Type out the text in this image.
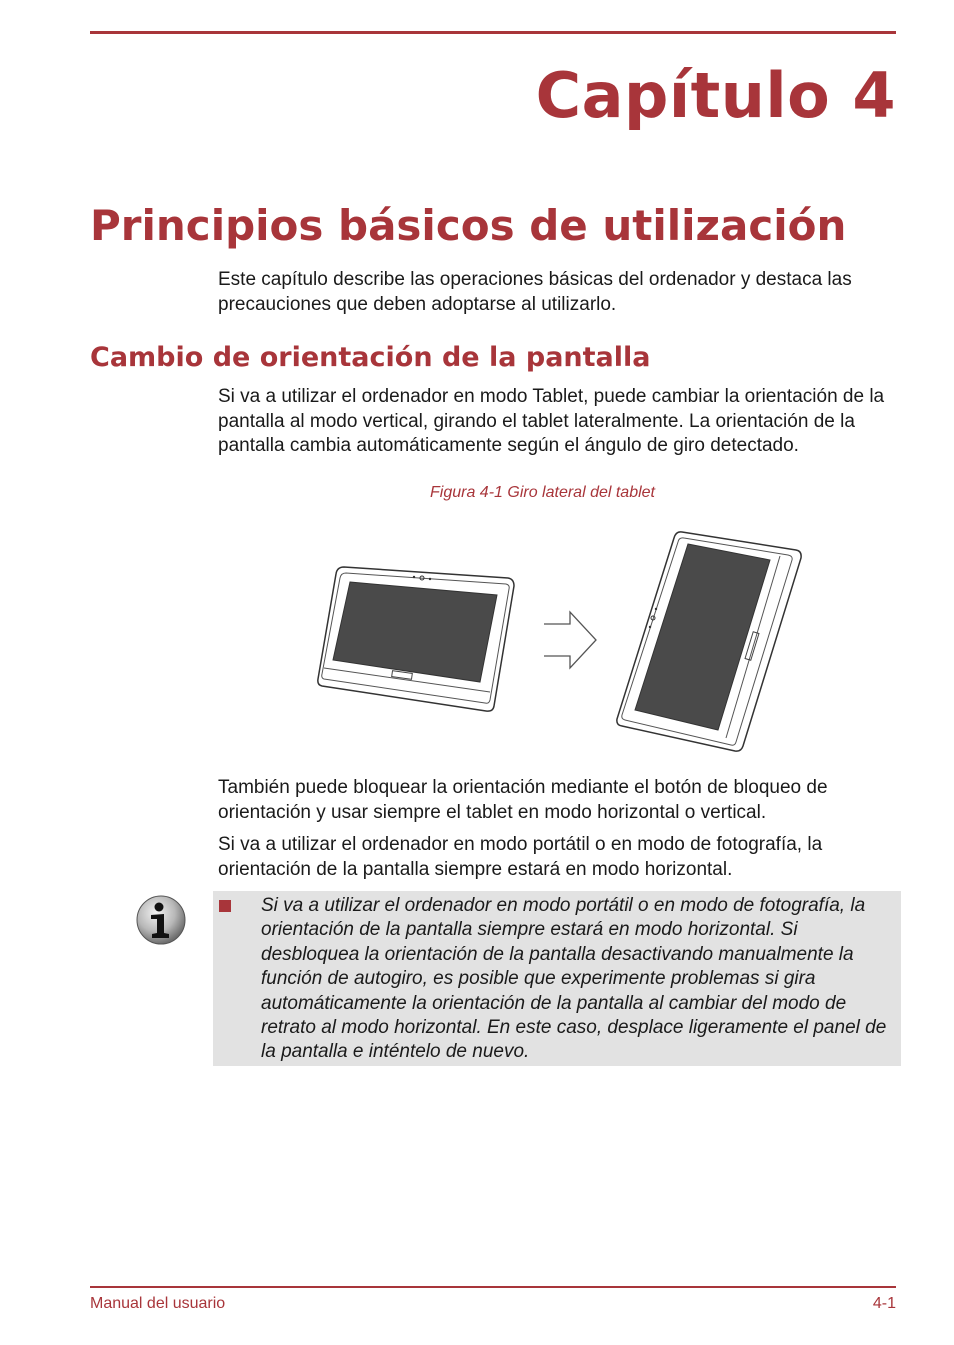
Capítulo 4
Principios básicos de utilización

Este capítulo describe las operaciones básicas del ordenador y destaca las precauciones que deben adoptarse al utilizarlo.

Cambio de orientación de la pantalla

Si va a utilizar el ordenador en modo Tablet, puede cambiar la orientación de la pantalla al modo vertical, girando el tablet lateralmente. La orientación de la pantalla cambia automáticamente según el ángulo de giro detectado.

Figura 4-1 Giro lateral del tablet

También puede bloquear la orientación mediante el botón de bloqueo de orientación y usar siempre el tablet en modo horizontal o vertical.

Si va a utilizar el ordenador en modo portátil o en modo de fotografía, la orientación de la pantalla siempre estará en modo horizontal.

Si va a utilizar el ordenador en modo portátil o en modo de fotografía, la orientación de la pantalla siempre estará en modo horizontal. Si desbloquea la orientación de la pantalla desactivando manualmente la función de autogiro, es posible que experimente problemas si gira automáticamente la orientación de la pantalla al cambiar del modo de retrato al modo horizontal. En este caso, desplace ligeramente el panel de la pantalla e inténtelo de nuevo.

Manual del usuario	4-1
